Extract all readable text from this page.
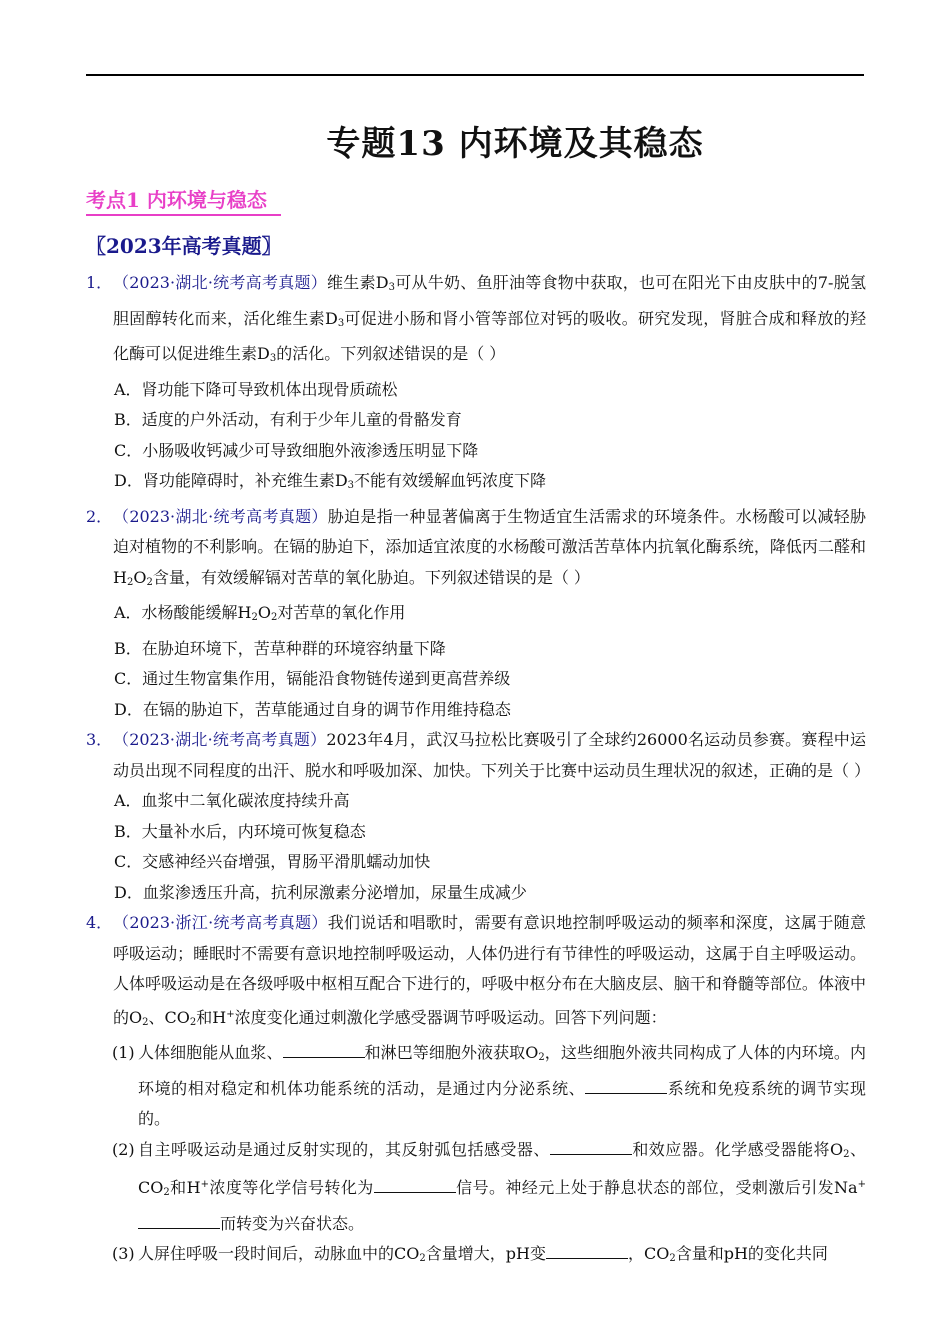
专题13 内环境及其稳态
考点1 内环境与稳态
〖2023年高考真题〗
1． （2023·湖北·统考高考真题）维生素$D_3$可从牛奶、鱼肝油等食物中获取，也可在阳光下由皮肤中的7-脱氢胆固醇转化而来，活化维生素$D_3$可促进小肠和肾小管等部位对钙的吸收。研究发现，肾脏合成和释放的羟化酶可以促进维生素$D_3$的活化。下列叙述错误的是（ ）
A．肾功能下降可导致机体出现骨质疏松
B．适度的户外活动，有利于少年儿童的骨骼发育
C．小肠吸收钙减少可导致细胞外液渗透压明显下降
D．肾功能障碍时，补充维生素$D_3$不能有效缓解血钙浓度下降
2． （2023·湖北·统考高考真题）胁迫是指一种显著偏离于生物适宜生活需求的环境条件。水杨酸可以减轻胁迫对植物的不利影响。在镉的胁迫下，添加适宜浓度的水杨酸可激活苦草体内抗氧化酶系统，降低丙二醛和$H_2O_2$含量，有效缓解镉对苦草的氧化胁迫。下列叙述错误的是（ ）
A．水杨酸能缓解$H_2O_2$对苦草的氧化作用
B．在胁迫环境下，苦草种群的环境容纳量下降
C．通过生物富集作用，镉能沿食物链传递到更高营养级
D．在镉的胁迫下，苦草能通过自身的调节作用维持稳态
3． （2023·湖北·统考高考真题）2023年4月，武汉马拉松比赛吸引了全球约26000名运动员参赛。赛程中运动员出现不同程度的出汗、脱水和呼吸加深、加快。下列关于比赛中运动员生理状况的叙述，正确的是（ ）
A．血浆中二氧化碳浓度持续升高
B．大量补水后，内环境可恢复稳态
C．交感神经兴奋增强，胃肠平滑肌蠕动加快
D．血浆渗透压升高，抗利尿激素分泌增加，尿量生成减少
4． （2023·浙江·统考高考真题）我们说话和唱歌时，需要有意识地控制呼吸运动的频率和深度，这属于随意呼吸运动；睡眠时不需要有意识地控制呼吸运动，人体仍进行有节律性的呼吸运动，这属于自主呼吸运动。人体呼吸运动是在各级呼吸中枢相互配合下进行的，呼吸中枢分布在大脑皮层、脑干和脊髓等部位。体液中的$O_2$、$CO_2$和H+浓度变化通过刺激化学感受器调节呼吸运动。回答下列问题：
(1) 人体细胞能从血浆、	和淋巴等细胞外液获取$O_2$，这些细胞外液共同构成了人体的内环境。内环境的相对稳定和机体功能系统的活动，是通过内分泌系统、	系统和免疫系统的调节实现的。
(2) 自主呼吸运动是通过反射实现的，其反射弧包括感受器、	和效应器。化学感受器能将$O_2$、$CO_2$和H+浓度等化学信号转化为	信号。神经元上处于静息状态的部位，受刺激后引发Na+而转变为兴奋状态。
(3) 人屏住呼吸一段时间后，动脉血中的$CO_2$含量增大，pH变	，$CO_2$含量和pH的变化共同
